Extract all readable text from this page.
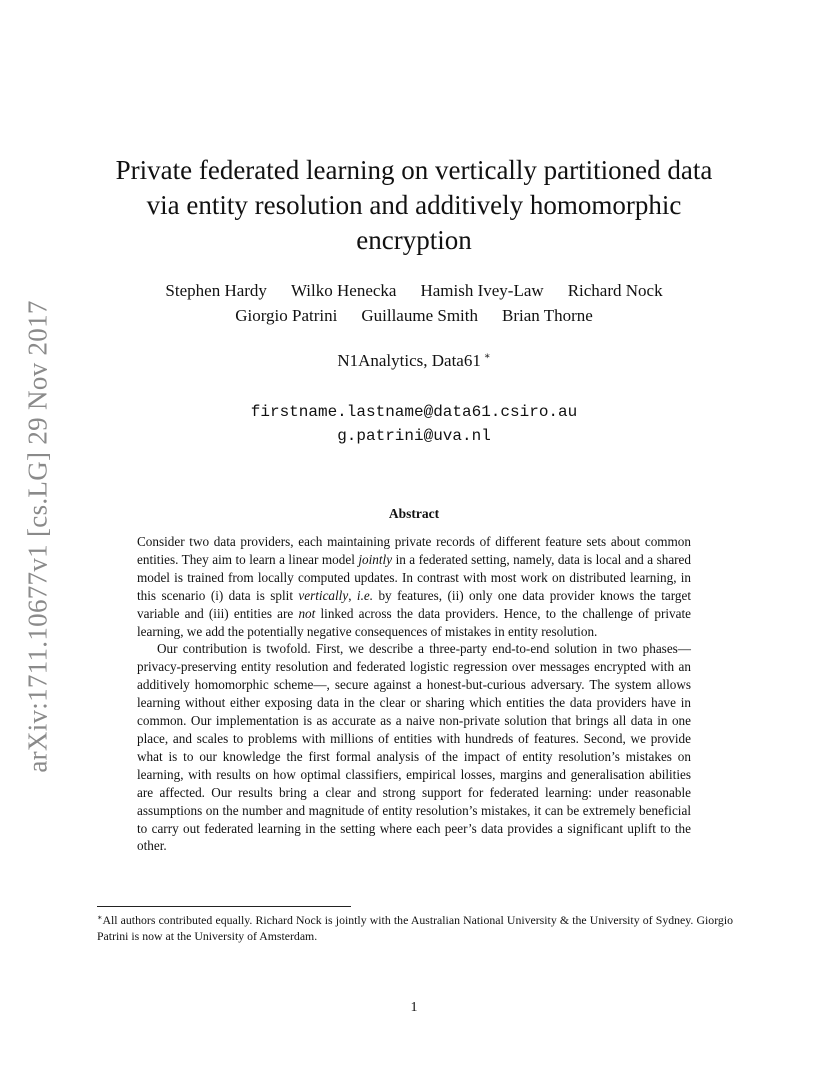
arXiv:1711.10677v1 [cs.LG] 29 Nov 2017
Private federated learning on vertically partitioned data
via entity resolution and additively homomorphic
encryption
Stephen Hardy Wilko Henecka Hamish Ivey-Law Richard Nock
Giorgio Patrini Guillaume Smith Brian Thorne
N1Analytics, Data61 ∗
firstname.lastname@data61.csiro.au
g.patrini@uva.nl
Abstract

Consider two data providers, each maintaining private records of different feature sets about common entities. They aim to learn a linear model jointly in a federated setting, namely, data is local and a shared model is trained from locally computed updates. In contrast with most work on distributed learning, in this scenario (i) data is split vertically, i.e. by features, (ii) only one data provider knows the target variable and (iii) entities are not linked across the data providers. Hence, to the challenge of private learning, we add the potentially negative consequences of mistakes in entity resolution.

Our contribution is twofold. First, we describe a three-party end-to-end solution in two phases—privacy-preserving entity resolution and federated logistic regression over messages encrypted with an additively homomorphic scheme—, secure against a honest-but-curious adversary. The system allows learning without either exposing data in the clear or sharing which entities the data providers have in common. Our implementation is as accurate as a naive non-private solution that brings all data in one place, and scales to problems with millions of entities with hundreds of features. Second, we provide what is to our knowledge the first formal analysis of the impact of entity resolution’s mistakes on learning, with results on how optimal classifiers, empirical losses, margins and generalisation abilities are affected. Our results bring a clear and strong support for federated learning: under reasonable assumptions on the number and magnitude of entity resolution’s mistakes, it can be extremely beneficial to carry out federated learning in the setting where each peer’s data provides a significant uplift to the other.

∗All authors contributed equally. Richard Nock is jointly with the Australian National University & the University of Sydney. Giorgio Patrini is now at the University of Amsterdam.
1
